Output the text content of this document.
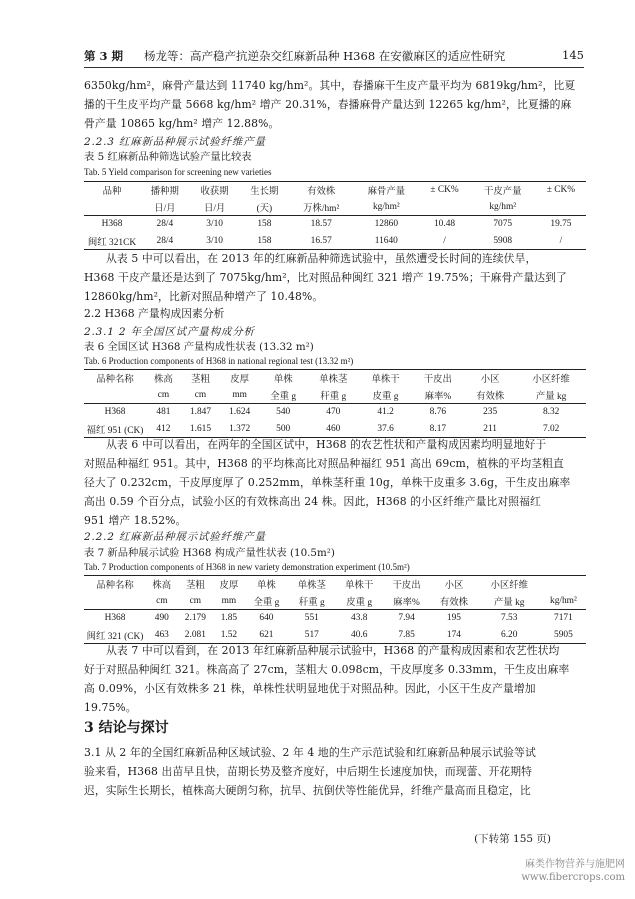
第 3 期 杨龙等：高产稳产抗逆杂交红麻新品种 H368 在安徽麻区的适应性研究	145
6350kg/hm²，麻骨产量达到 11740 kg/hm²。其中，春播麻干生皮产量平均为 6819kg/hm²，比夏
播的干生皮平均产量 5668 kg/hm² 增产 20.31%，春播麻骨产量达到 12265 kg/hm²，比夏播的麻
骨产量 10865 kg/hm² 增产 12.88%。
2.2.3 红麻新品种展示试验纤维产量
表 5 红麻新品种筛选试验产量比较表
Tab. 5 Yield comparison for screening new varieties
品种	播种期	收获期	生长期	有效株	麻骨产量	± CK%	干皮产量	± CK%
	日/月	日/月	(天)	万株/hm²	kg/hm²		kg/hm²	
H368	28/4	3/10	158	18.57	12860	10.48	7075	19.75
闽红 321CK	28/4	3/10	158	16.57	11640	/	5908	/
从表 5 中可以看出，在 2013 年的红麻新品种筛选试验中，虽然遭受长时间的连续伏旱，
H368 干皮产量还是达到了 7075kg/hm²，比对照品种闽红 321 增产 19.75%；干麻骨产量达到了
12860kg/hm²，比新对照品种增产了 10.48%。
2.2 H368 产量构成因素分析
2.3.1 2 年全国区试产量构成分析
表 6 全国区试 H368 产量构成性状表 (13.32 m²)
Tab. 6 Production components of H368 in national regional test (13.32 m²)
品种名称	株高	茎粗	皮厚	单株	单株茎	单株干	干皮出	小区	小区纤维
	cm	cm	mm	全重 g	秆重 g	皮重 g	麻率%	有效株	产量 kg
H368	481	1.847	1.624	540	470	41.2	8.76	235	8.32
福红 951 (CK)	412	1.615	1.372	500	460	37.6	8.17	211	7.02
从表 6 中可以看出，在两年的全国区试中，H368 的农艺性状和产量构成因素均明显地好于
对照品种福红 951。其中，H368 的平均株高比对照品种福红 951 高出 69cm，植株的平均茎粗直
径大了 0.232cm，干皮厚度厚了 0.252mm，单株茎秆重 10g，单株干皮重多 3.6g，干生皮出麻率
高出 0.59 个百分点，试验小区的有效株高出 24 株。因此，H368 的小区纤维产量比对照福红
951 增产 18.52%。
2.2.2 红麻新品种展示试验纤维产量
表 7 新品种展示试验 H368 构成产量性状表 (10.5m²)
Tab. 7 Production components of H368 in new variety demonstration experiment (10.5m²)
品种名称	株高	茎粗	皮厚	单株	单株茎	单株干	干皮出	小区	小区纤维	
	cm	cm	mm	全重 g	秆重 g	皮重 g	麻率%	有效株	产量 kg	kg/hm²
H368	490	2.179	1.85	640	551	43.8	7.94	195	7.53	7171
闽红 321 (CK)	463	2.081	1.52	621	517	40.6	7.85	174	6.20	5905
从表 7 中可以看到，在 2013 年红麻新品种展示试验中，H368 的产量构成因素和农艺性状均
好于对照品种闽红 321。株高高了 27cm，茎粗大 0.098cm，干皮厚度多 0.33mm，干生皮出麻率
高 0.09%，小区有效株多 21 株，单株性状明显地优于对照品种。因此，小区干生皮产量增加
19.75%。
3 结论与探讨
3.1 从 2 年的全国红麻新品种区域试验、2 年 4 地的生产示范试验和红麻新品种展示试验等试
验来看，H368 出苗早且快，苗期长势及整齐度好，中后期生长速度加快，而现蕾、开花期特
迟，实际生长期长，植株高大硬朗匀称，抗旱、抗倒伏等性能优异，纤维产量高而且稳定，比
(下转第 155 页)
麻类作物营养与施肥网
www.fibercrops.com
